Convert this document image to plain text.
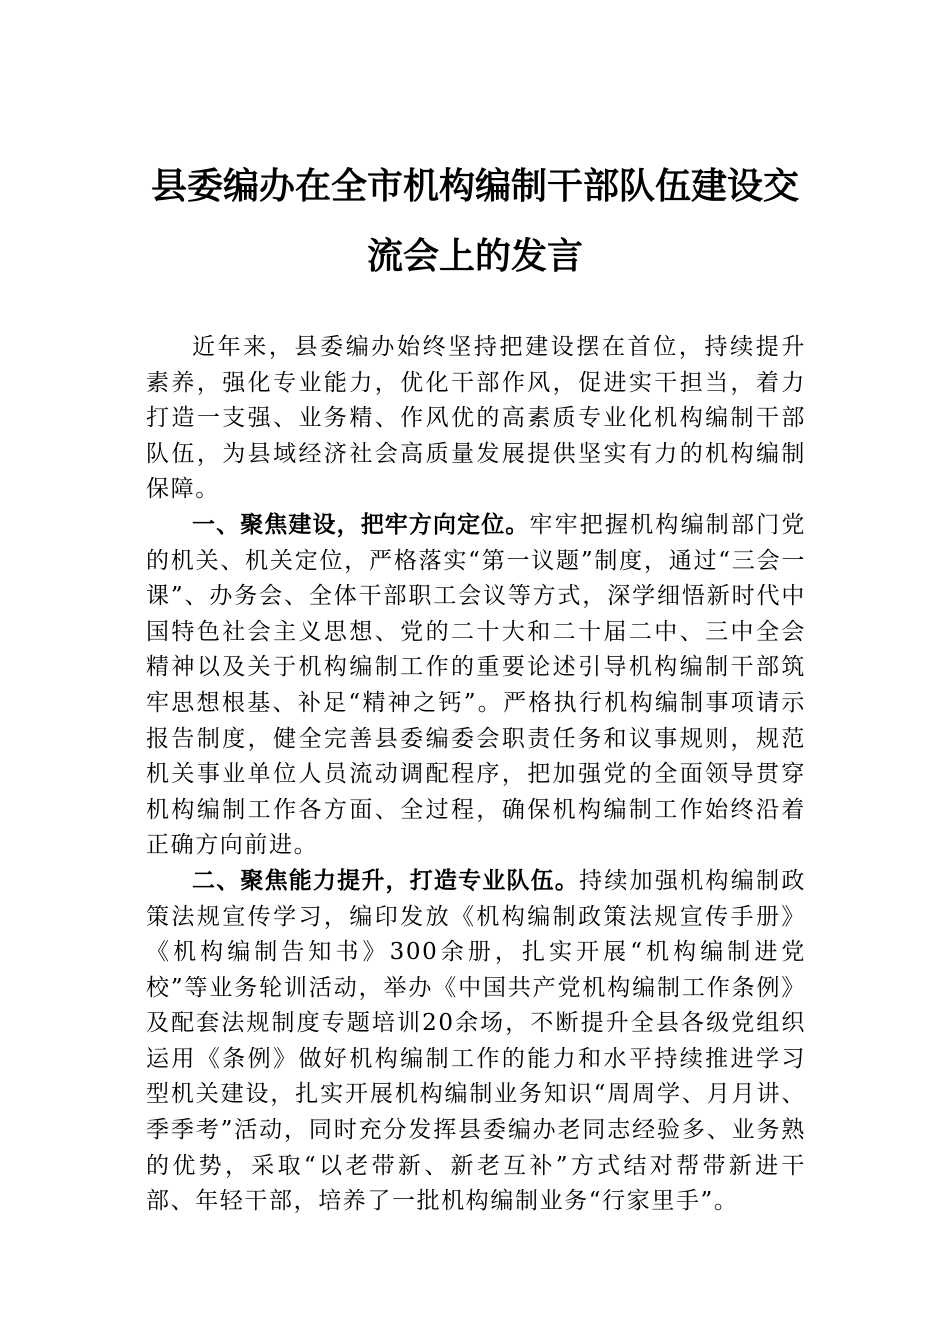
县委编办在全市机构编制干部队伍建设交
流会上的发言

近年来，县委编办始终坚持把建设摆在首位，持续提升素养，强化专业能力，优化干部作风，促进实干担当，着力打造一支强、业务精、作风优的高素质专业化机构编制干部队伍，为县域经济社会高质量发展提供坚实有力的机构编制保障。

一、聚焦建设，把牢方向定位。牢牢把握机构编制部门党的机关、机关定位，严格落实“第一议题”制度，通过“三会一课”、办务会、全体干部职工会议等方式，深学细悟新时代中国特色社会主义思想、党的二十大和二十届二中、三中全会精神以及关于机构编制工作的重要论述引导机构编制干部筑牢思想根基、补足“精神之钙”。严格执行机构编制事项请示报告制度，健全完善县委编委会职责任务和议事规则，规范机关事业单位人员流动调配程序，把加强党的全面领导贯穿机构编制工作各方面、全过程，确保机构编制工作始终沿着正确方向前进。

二、聚焦能力提升，打造专业队伍。持续加强机构编制政策法规宣传学习，编印发放《机构编制政策法规宣传手册》《机构编制告知书》300余册，扎实开展“机构编制进党校”等业务轮训活动，举办《中国共产党机构编制工作条例》及配套法规制度专题培训20余场，不断提升全县各级党组织运用《条例》做好机构编制工作的能力和水平持续推进学习型机关建设，扎实开展机构编制业务知识“周周学、月月讲、季季考”活动，同时充分发挥县委编办老同志经验多、业务熟的优势，采取“以老带新、新老互补”方式结对帮带新进干部、年轻干部，培养了一批机构编制业务“行家里手”。
